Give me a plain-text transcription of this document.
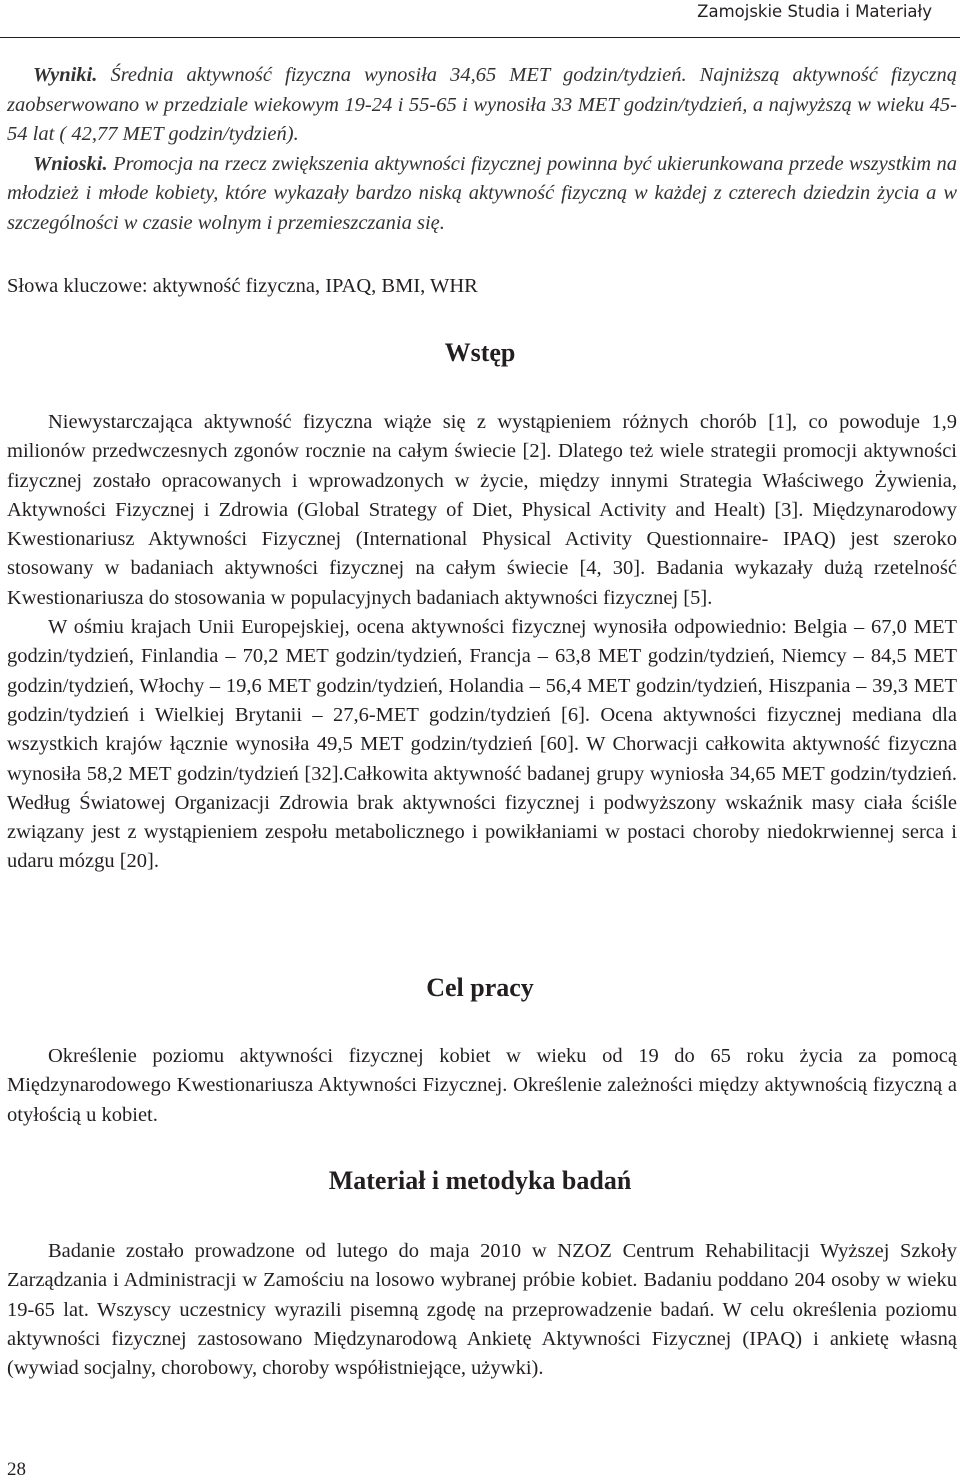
Zamojskie Studia i Materiały

Wyniki. Średnia aktywność fizyczna wynosiła 34,65 MET godzin/tydzień. Najniższą aktywność fizyczną zaobserwowano w przedziale wiekowym 19-24 i 55-65 i wynosiła 33 MET godzin/tydzień, a najwyższą w wieku 45-54 lat ( 42,77 MET godzin/tydzień).

Wnioski. Promocja na rzecz zwiększenia aktywności fizycznej powinna być ukierunkowana przede wszystkim na młodzież i młode kobiety, które wykazały bardzo niską aktywność fizyczną w każdej z czterech dziedzin życia a w szczególności w czasie wolnym i przemieszczania się.

Słowa kluczowe: aktywność fizyczna, IPAQ, BMI, WHR
Wstęp

Niewystarczająca aktywność fizyczna wiąże się z wystąpieniem różnych chorób [1], co powoduje 1,9 milionów przedwczesnych zgonów rocznie na całym świecie [2]. Dlatego też wiele strategii promocji aktywności fizycznej zostało opracowanych i wprowadzonych w życie, między innymi Strategia Właściwego Żywienia, Aktywności Fizycznej i Zdrowia (Global Strategy of Diet, Physical Activity and Healt) [3]. Międzynarodowy Kwestionariusz Aktywności Fizycznej (International Physical Activity Questionnaire- IPAQ) jest szeroko stosowany w badaniach aktywności fizycznej na całym świecie [4, 30]. Badania wykazały dużą rzetelność Kwestionariusza do stosowania w populacyjnych badaniach aktywności fizycznej [5].

W ośmiu krajach Unii Europejskiej, ocena aktywności fizycznej wynosiła odpowiednio: Belgia – 67,0 MET godzin/tydzień, Finlandia – 70,2 MET godzin/tydzień, Francja – 63,8 MET godzin/tydzień, Niemcy – 84,5 MET godzin/tydzień, Włochy – 19,6 MET godzin/tydzień, Holandia – 56,4 MET godzin/tydzień, Hiszpania – 39,3 MET godzin/tydzień i Wielkiej Brytanii – 27,6-MET godzin/tydzień [6]. Ocena aktywności fizycznej mediana dla wszystkich krajów łącznie wynosiła 49,5 MET godzin/tydzień [60]. W Chorwacji całkowita aktywność fizyczna wynosiła 58,2 MET godzin/tydzień [32].Całkowita aktywność badanej grupy wyniosła 34,65 MET godzin/tydzień. Według Światowej Organizacji Zdrowia brak aktywności fizycznej i podwyższony wskaźnik masy ciała ściśle związany jest z wystąpieniem zespołu metabolicznego i powikłaniami w postaci choroby niedokrwiennej serca i udaru mózgu [20].

Cel pracy

Określenie poziomu aktywności fizycznej kobiet w wieku od 19 do 65 roku życia za pomocą Międzynarodowego Kwestionariusza Aktywności Fizycznej. Określenie zależności między aktywnością fizyczną a otyłością u kobiet.

Materiał i metodyka badań

Badanie zostało prowadzone od lutego do maja 2010 w NZOZ Centrum Rehabilitacji Wyższej Szkoły Zarządzania i Administracji w Zamościu na losowo wybranej próbie kobiet. Badaniu poddano 204 osoby w wieku 19-65 lat. Wszyscy uczestnicy wyrazili pisemną zgodę na przeprowadzenie badań. W celu określenia poziomu aktywności fizycznej zastosowano Międzynarodową Ankietę Aktywności Fizycznej (IPAQ) i ankietę własną (wywiad socjalny, chorobowy, choroby współistniejące, używki).

28
